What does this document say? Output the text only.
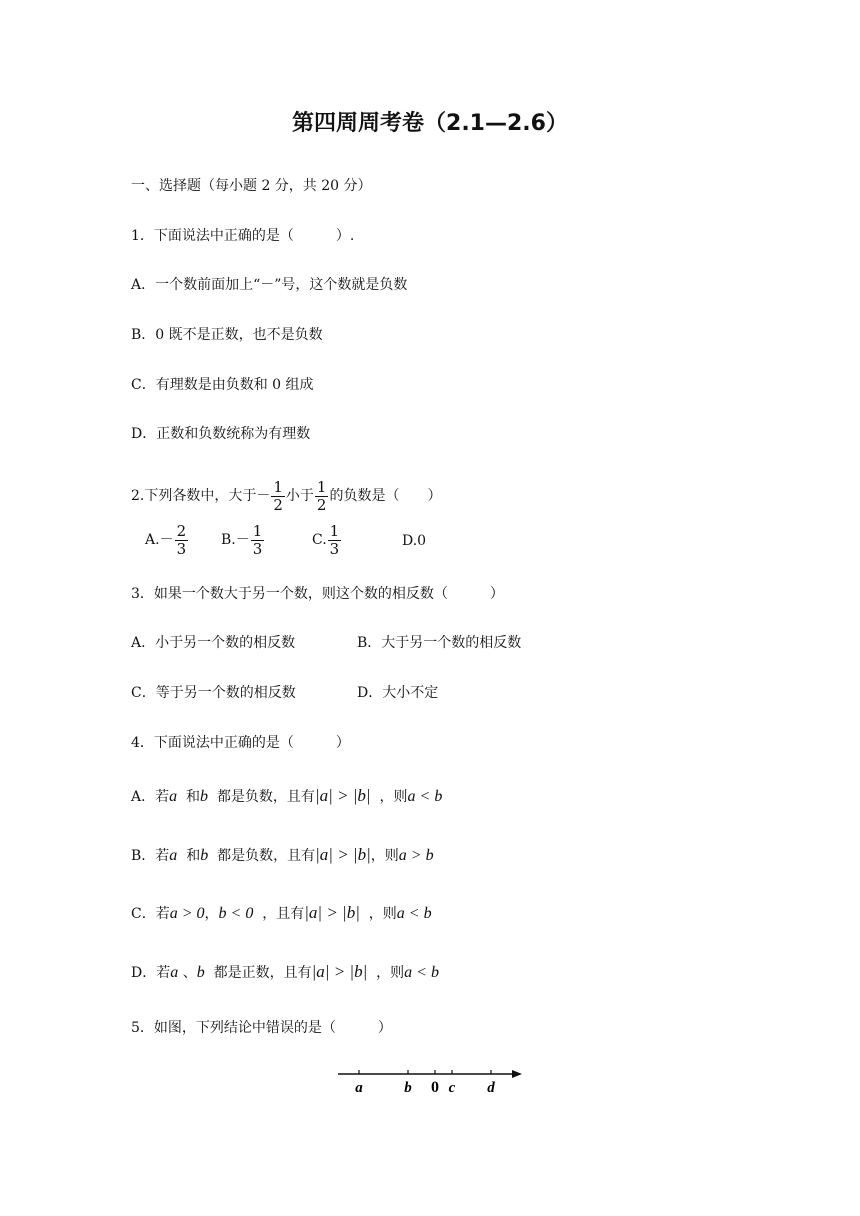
第四周周考卷（2.1—2.6）
一、选择题（每小题 2 分，共 20 分）
1．下面说法中正确的是（　　　）.
A．一个数前面加上“－”号，这个数就是负数
B．0 既不是正数，也不是负数
C．有理数是由负数和 0 组成
D．正数和负数统称为有理数
2.下列各数中，大于－ $\frac{1}{2}$ 小于 $\frac{1}{2}$ 的负数是（　　）
$A.- \frac{2}{3} B.- \frac{1}{3}$	C. $\frac{1}{3}$	D.0
3．如果一个数大于另一个数，则这个数的相反数（　　　）
A．小于另一个数的相反数	B．大于另一个数的相反数
C．等于另一个数的相反数	D．大小不定
4．下面说法中正确的是（　　　）
A．若a 和b 都是负数，且有|a| > |b| ，则a < b
B．若a 和b 都是负数，且有|a| > |b|，则a > b
C．若a > 0，b < 0 ，且有|a| > |b| ，则a < b
D．若a 、b 都是正数，且有|a| > |b| ，则a < b
5．如图，下列结论中错误的是（　　　）
a	b 0 c d
